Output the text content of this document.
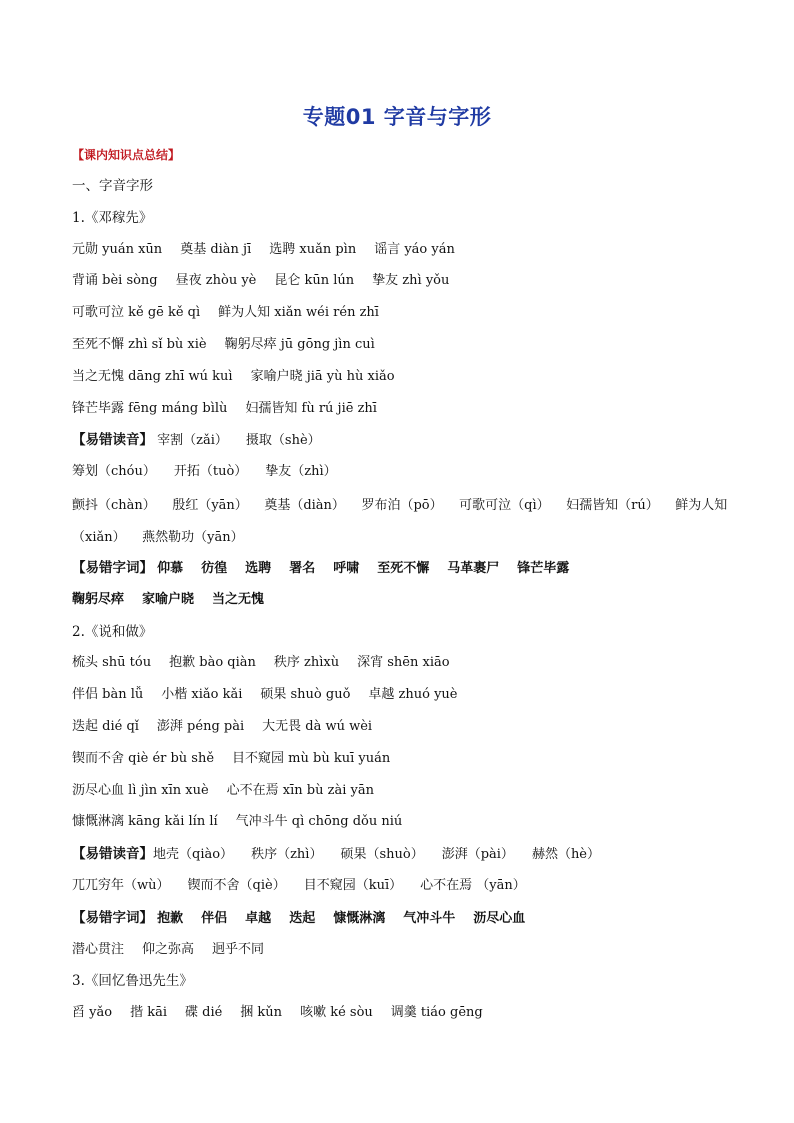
专题01 字音与字形
【课内知识点总结】
一、字音字形
1.《邓稼先》
元勋 yuán xūn 奠基 diàn jī 选聘 xuǎn pìn 谣言 yáo yán
背诵 bèi sòng 昼夜 zhòu yè 昆仑 kūn lún 挚友 zhì yǒu
可歌可泣 kě gē kě qì 鲜为人知 xiǎn wéi rén zhī
至死不懈 zhì sǐ bù xiè 鞠躬尽瘁 jū gōng jìn cuì
当之无愧 dāng zhī wú kuì 家喻户晓 jiā yù hù xiǎo
锋芒毕露 fēng máng bìlù 妇孺皆知 fù rú jiē zhī
【易错读音】 宰割（zǎi） 摄取（shè）
筹划（chóu） 开拓（tuò） 挚友（zhì）
颤抖（chàn） 殷红（yān） 奠基（diàn） 罗布泊（pō） 可歌可泣（qì） 妇孺皆知（rú） 鲜为人知（xiǎn） 燕然勒功（yān）
【易错字词】 仰慕 彷徨 选聘 署名 呼啸 至死不懈 马革裹尸 锋芒毕露
鞠躬尽瘁 家喻户晓 当之无愧
2.《说和做》
梳头 shū tóu 抱歉 bào qiàn 秩序 zhìxù 深宵 shēn xiāo
伴侣 bàn lǚ 小楷 xiǎo kǎi 硕果 shuò guǒ 卓越 zhuó yuè
迭起 dié qǐ 澎湃 péng pài 大无畏 dà wú wèi
锲而不舍 qiè ér bù shě 目不窥园 mù bù kuī yuán
沥尽心血 lì jìn xīn xuè 心不在焉 xīn bù zài yān
慷慨淋漓 kāng kǎi lín lí 气冲斗牛 qì chōng dǒu niú
【易错读音】地壳（qiào） 秩序（zhì） 硕果（shuò） 澎湃（pài） 赫然（hè）
兀兀穷年（wù） 锲而不舍（qiè） 目不窥园（kuī） 心不在焉 （yān）
【易错字词】 抱歉 伴侣 卓越 迭起 慷慨淋漓 气冲斗牛 沥尽心血
潜心贯注 仰之弥高 迥乎不同
3.《回忆鲁迅先生》
舀 yǎo 揩 kāi 碟 dié 捆 kǔn 咳嗽 ké sòu 调羹 tiáo gēng
